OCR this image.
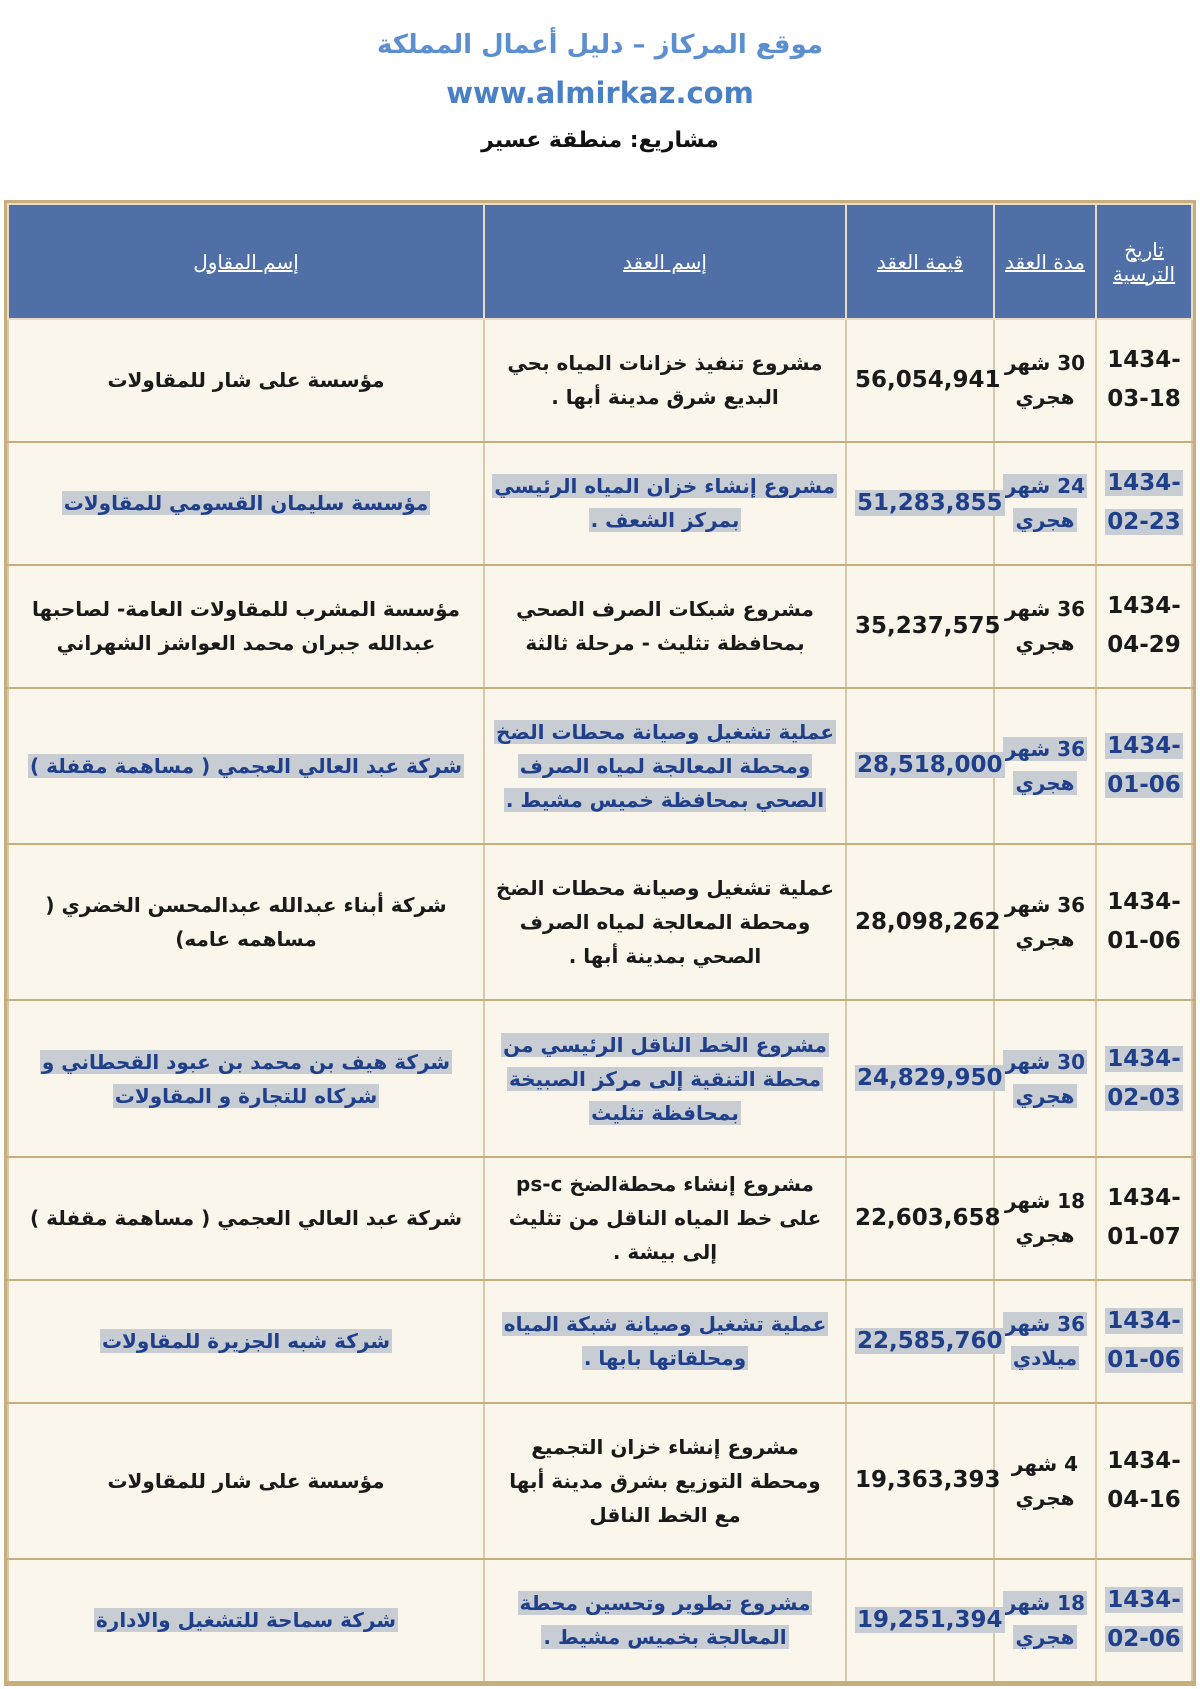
موقع المركاز – دليل أعمال المملكة
www.almirkaz.com
مشاريع: منطقة عسير
تاريخ الترسية	مدة العقد	قيمة العقد	إسم العقد	إسم المقاول
1434-03-18	30 شهر هجري	56,054,941	مشروع تنفيذ خزانات المياه بحي البديع شرق مدينة أبها .	مؤسسة على شار للمقاولات
1434-02-23	24 شهر هجري	51,283,855	مشروع إنشاء خزان المياه الرئيسي بمركز الشعف .	مؤسسة سليمان القسومي للمقاولات
1434-04-29	36 شهر هجري	35,237,575	مشروع شبكات الصرف الصحي بمحافظة تثليث - مرحلة ثالثة	مؤسسة المشرب للمقاولات العامة- لصاحبها عبدالله جبران محمد العواشز الشهراني
1434-01-06	36 شهر هجري	28,518,000	عملية تشغيل وصيانة محطات الضخ ومحطة المعالجة لمياه الصرف الصحي بمحافظة خميس مشيط .	شركة عبد العالي العجمي ( مساهمة مقفلة )
1434-01-06	36 شهر هجري	28,098,262	عملية تشغيل وصيانة محطات الضخ ومحطة المعالجة لمياه الصرف الصحي بمدينة أبها .	شركة أبناء عبدالله عبدالمحسن الخضري ( مساهمه عامه)
1434-02-03	30 شهر هجري	24,829,950	مشروع الخط الناقل الرئيسي من محطة التنقية إلى مركز الصبيخة بمحافظة تثليث	شركة هيف بن محمد بن عبود القحطاني و شركاه للتجارة و المقاولات
1434-01-07	18 شهر هجري	22,603,658	مشروع إنشاء محطةالضخ ps-c على خط المياه الناقل من تثليث إلى بيشة .	شركة عبد العالي العجمي ( مساهمة مقفلة )
1434-01-06	36 شهر ميلادي	22,585,760	عملية تشغيل وصيانة شبكة المياه ومحلقاتها بابها .	شركة شبه الجزيرة للمقاولات
1434-04-16	4 شهر هجري	19,363,393	مشروع إنشاء خزان التجميع ومحطة التوزيع بشرق مدينة أبها مع الخط الناقل	مؤسسة على شار للمقاولات
1434-02-06	18 شهر هجري	19,251,394	مشروع تطوير وتحسين محطة المعالجة بخميس مشيط .	شركة سماحة للتشغيل والادارة
